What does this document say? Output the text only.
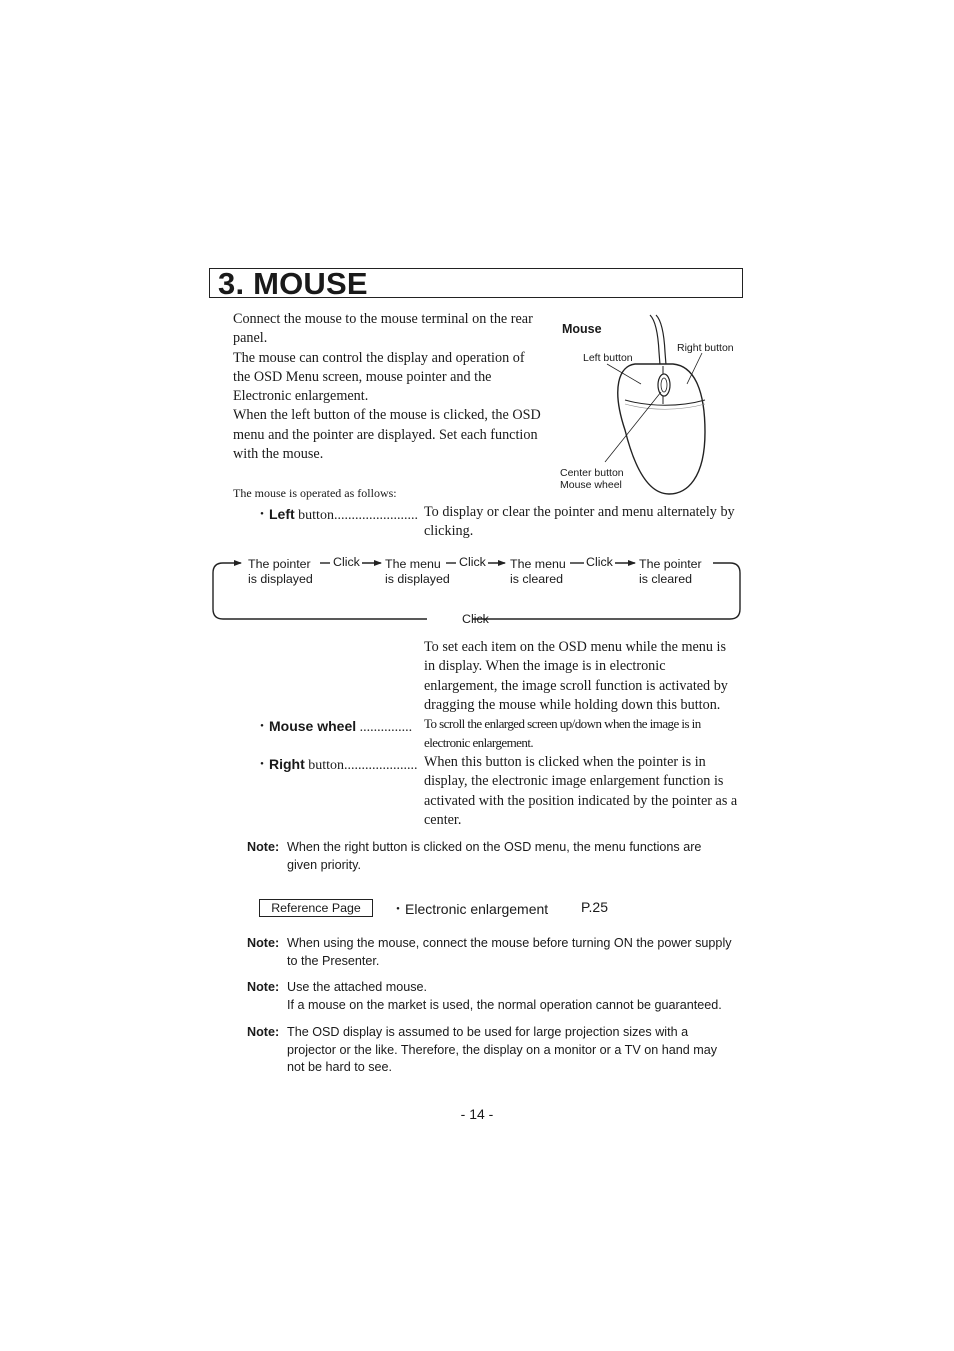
3. MOUSE
Connect the mouse to the mouse terminal on the rear
panel.
The mouse can control the display and operation of
the OSD Menu screen, mouse pointer and the
Electronic enlargement.
When the left button of the mouse is clicked, the OSD
menu and the pointer are displayed. Set each function
with the mouse.
Mouse
Left button
Right button
Center button
Mouse wheel
The mouse is operated as follows:
・Left button........................ To display or clear the pointer and menu alternately by
clicking.
The pointer
is displayed
Click The menu
is displayed
Click The menu
is cleared
Click The pointer
is cleared
Click
To set each item on the OSD menu while the menu is
in display. When the image is in electronic
enlargement, the image scroll function is activated by
dragging the mouse while holding down this button.
・Mouse wheel ............... To scroll the enlarged screen up/down when the image is in
electronic enlargement.
・Right button..................... When this button is clicked when the pointer is in
display, the electronic image enlargement function is
activated with the position indicated by the pointer as a
center.
Note: When the right button is clicked on the OSD menu, the menu functions are
given priority.
Reference Page	・Electronic enlargement P.25
Note: When using the mouse, connect the mouse before turning ON the power supply
to the Presenter.
Note: Use the attached mouse.
If a mouse on the market is used, the normal operation cannot be guaranteed.
Note: The OSD display is assumed to be used for large projection sizes with a
projector or the like. Therefore, the display on a monitor or a TV on hand may
not be hard to see.
- 14 -
